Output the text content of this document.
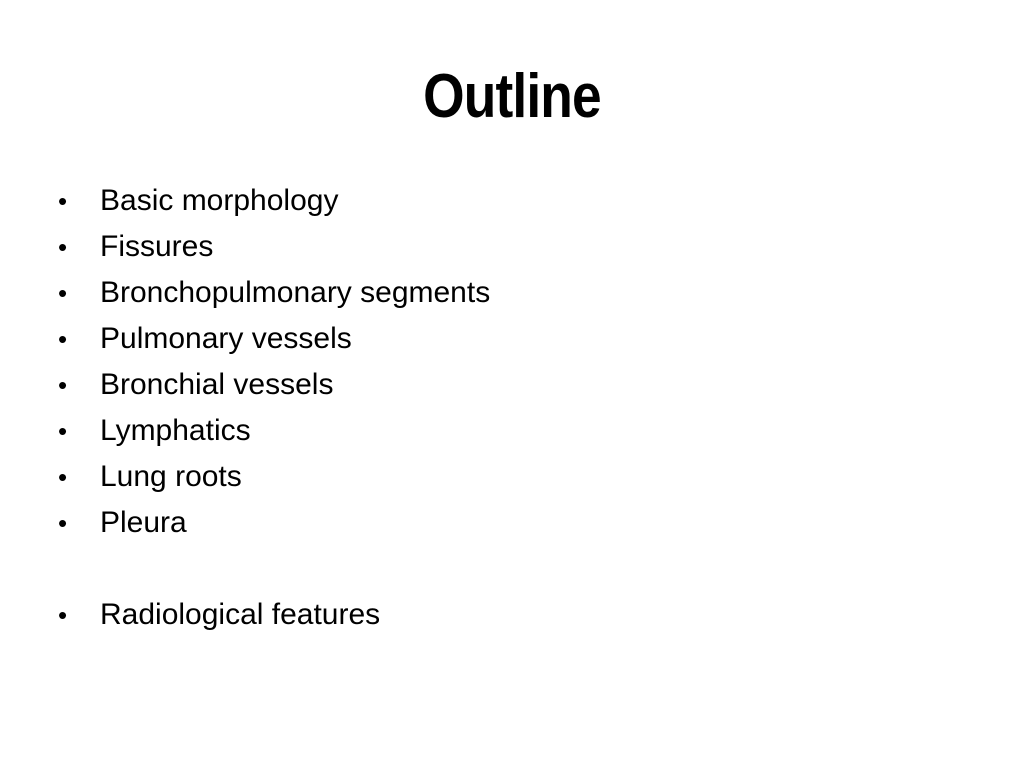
Outline
•	Basic morphology
•	Fissures
•	Bronchopulmonary segments
•	Pulmonary vessels
•	Bronchial vessels
•	Lymphatics
•	Lung roots
•	Pleura
•	Radiological features
